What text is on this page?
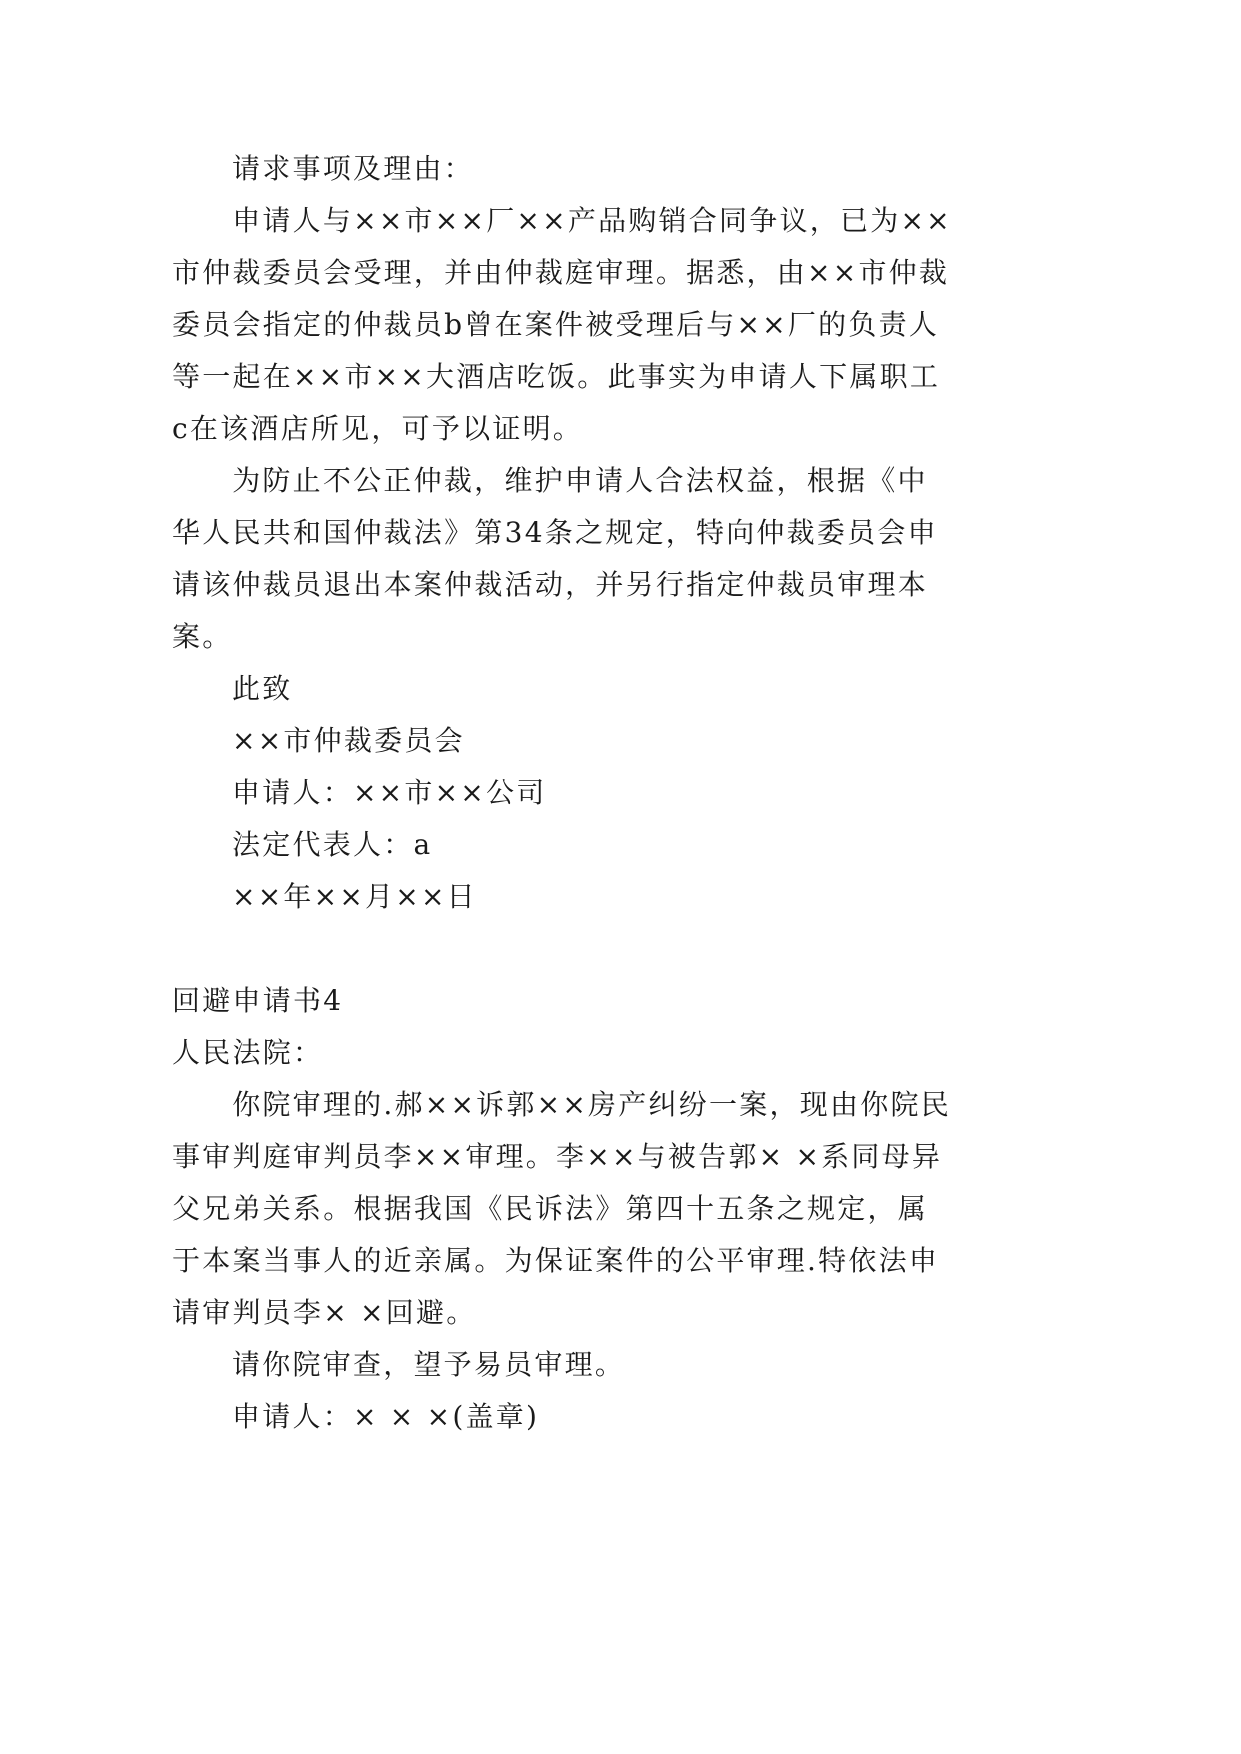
请求事项及理由：

申请人与××市××厂××产品购销合同争议，已为××市仲裁委员会受理，并由仲裁庭审理。据悉，由××市仲裁委员会指定的仲裁员b曾在案件被受理后与××厂的负责人等一起在××市××大酒店吃饭。此事实为申请人下属职工c在该酒店所见，可予以证明。

为防止不公正仲裁，维护申请人合法权益，根据《中华人民共和国仲裁法》第34条之规定，特向仲裁委员会申请该仲裁员退出本案仲裁活动，并另行指定仲裁员审理本案。

此致

××市仲裁委员会

申请人：××市××公司

法定代表人：a

××年××月××日

回避申请书4

人民法院：

你院审理的.郝××诉郭××房产纠纷一案，现由你院民事审判庭审判员李××审理。李××与被告郭× ×系同母异父兄弟关系。根据我国《民诉法》第四十五条之规定，属于本案当事人的近亲属。为保证案件的公平审理.特依法申请审判员李× ×回避。

请你院审查，望予易员审理。

申请人：× × ×(盖章)
